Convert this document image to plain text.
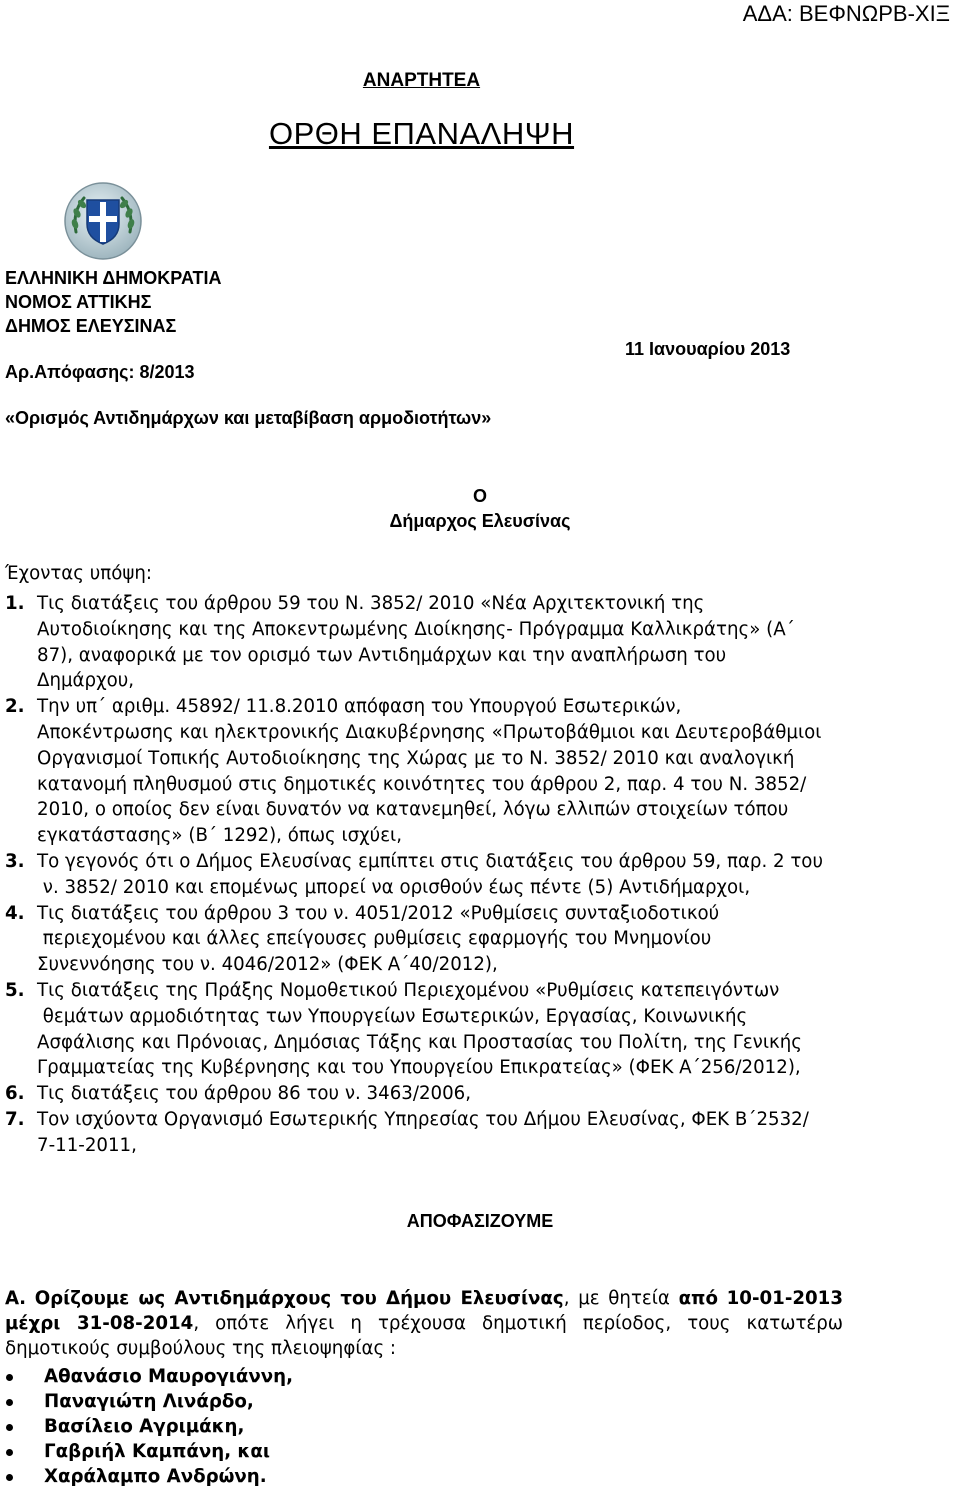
ΑΔΑ: ΒΕΦΝΩΡΒ-ΧΙΞ
ΑΝΑΡΤΗΤΕΑ
ΟΡΘΗ ΕΠΑΝΑΛΗΨΗ
ΕΛΛΗΝΙΚΗ ΔΗΜΟΚΡΑΤΙΑ
ΝΟΜΟΣ ΑΤΤΙΚΗΣ
ΔΗΜΟΣ ΕΛΕΥΣΙΝΑΣ
11 Ιανουαρίου 2013
Αρ.Απόφασης: 8/2013
«Ορισμός Αντιδημάρχων και μεταβίβαση αρμοδιοτήτων»
Ο
Δήμαρχος Ελευσίνας
Έχοντας υπόψη:
1. Τις διατάξεις του άρθρου 59 του Ν. 3852/ 2010 «Νέα Αρχιτεκτονική της
Αυτοδιοίκησης και της Αποκεντρωμένης Διοίκησης- Πρόγραμμα Καλλικράτης» (Α΄
87), αναφορικά με τον ορισμό των Αντιδημάρχων και την αναπλήρωση του
Δημάρχου,
2. Την υπ΄ αριθμ. 45892/ 11.8.2010 απόφαση του Υπουργού Εσωτερικών,
Αποκέντρωσης και ηλεκτρονικής Διακυβέρνησης «Πρωτοβάθμιοι και Δευτεροβάθμιοι
Οργανισμοί Τοπικής Αυτοδιοίκησης της Χώρας με το Ν. 3852/ 2010 και αναλογική
κατανομή πληθυσμού στις δημοτικές κοινότητες του άρθρου 2, παρ. 4 του Ν. 3852/
2010, ο οποίος δεν είναι δυνατόν να κατανεμηθεί, λόγω ελλιπών στοιχείων τόπου
εγκατάστασης» (Β΄ 1292), όπως ισχύει,
3. Το γεγονός ότι ο Δήμος Ελευσίνας εμπίπτει στις διατάξεις του άρθρου 59, παρ. 2 του
ν. 3852/ 2010 και επομένως μπορεί να ορισθούν έως πέντε (5) Αντιδήμαρχοι,
4. Τις διατάξεις του άρθρου 3 του ν. 4051/2012 «Ρυθμίσεις συνταξιοδοτικού
περιεχομένου και άλλες επείγουσες ρυθμίσεις εφαρμογής του Μνημονίου
Συνεννόησης του ν. 4046/2012» (ΦΕΚ Α΄40/2012),
5. Τις διατάξεις της Πράξης Νομοθετικού Περιεχομένου «Ρυθμίσεις κατεπειγόντων
θεμάτων αρμοδιότητας των Υπουργείων Εσωτερικών, Εργασίας, Κοινωνικής
Ασφάλισης και Πρόνοιας, Δημόσιας Τάξης και Προστασίας του Πολίτη, της Γενικής
Γραμματείας της Κυβέρνησης και του Υπουργείου Επικρατείας» (ΦΕΚ Α΄256/2012),
6. Τις διατάξεις του άρθρου 86 του ν. 3463/2006,
7. Τον ισχύοντα Οργανισμό Εσωτερικής Υπηρεσίας του Δήμου Ελευσίνας, ΦΕΚ Β΄2532/
7-11-2011,
ΑΠΟΦΑΣΙΖΟΥΜΕ
Α. Ορίζουμε ως Αντιδημάρχους του Δήμου Ελευσίνας, με θητεία από 10-01-2013 μέχρι 31-08-2014, οπότε λήγει η τρέχουσα δημοτική περίοδος, τους κατωτέρω δημοτικούς συμβούλους της πλειοψηφίας :
Αθανάσιο Μαυρογιάννη,
Παναγιώτη Λινάρδο,
Βασίλειο Αγριμάκη,
Γαβριήλ Καμπάνη, και
Χαράλαμπο Ανδρώνη.
